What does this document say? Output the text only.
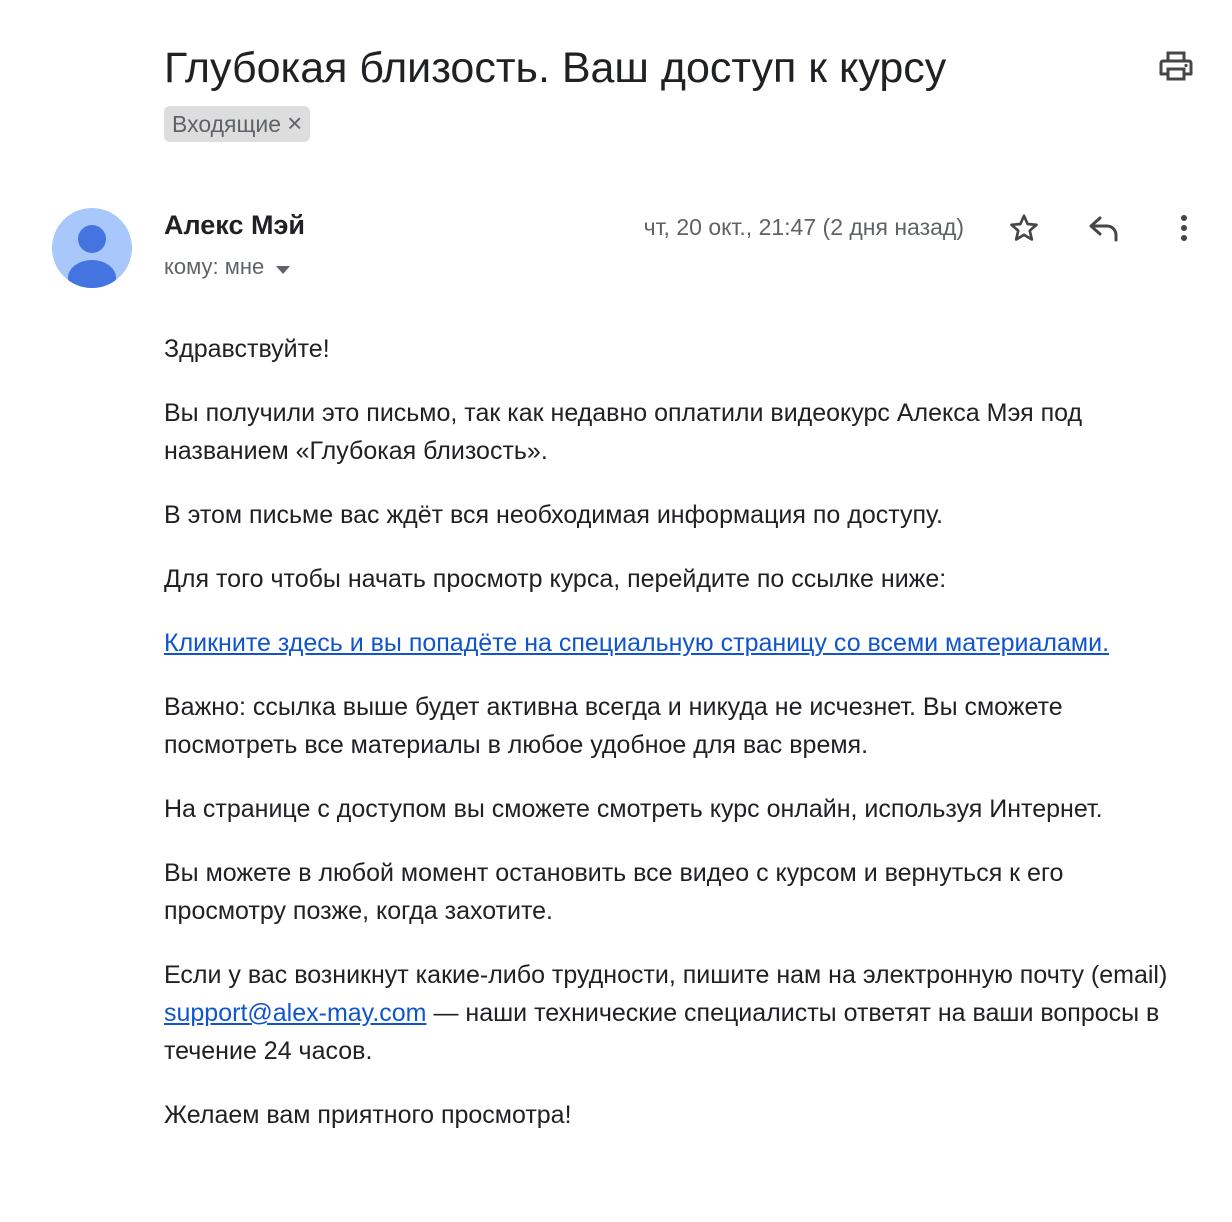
Глубокая близость. Ваш доступ к курсу
Входящие ×
Алекс Мэй
кому: мне
чт, 20 окт., 21:47 (2 дня назад)

Здравствуйте!

Вы получили это письмо, так как недавно оплатили видеокурс Алекса Мэя под названием «Глубокая близость».

В этом письме вас ждёт вся необходимая информация по доступу.

Для того чтобы начать просмотр курса, перейдите по ссылке ниже:

Кликните здесь и вы попадёте на специальную страницу со всеми материалами.

Важно: ссылка выше будет активна всегда и никуда не исчезнет. Вы сможете посмотреть все материалы в любое удобное для вас время.

На странице с доступом вы сможете смотреть курс онлайн, используя Интернет.

Вы можете в любой момент остановить все видео с курсом и вернуться к его просмотру позже, когда захотите.

Если у вас возникнут какие-либо трудности, пишите нам на электронную почту (email) support@alex-may.com — наши технические специалисты ответят на ваши вопросы в течение 24 часов.

Желаем вам приятного просмотра!
